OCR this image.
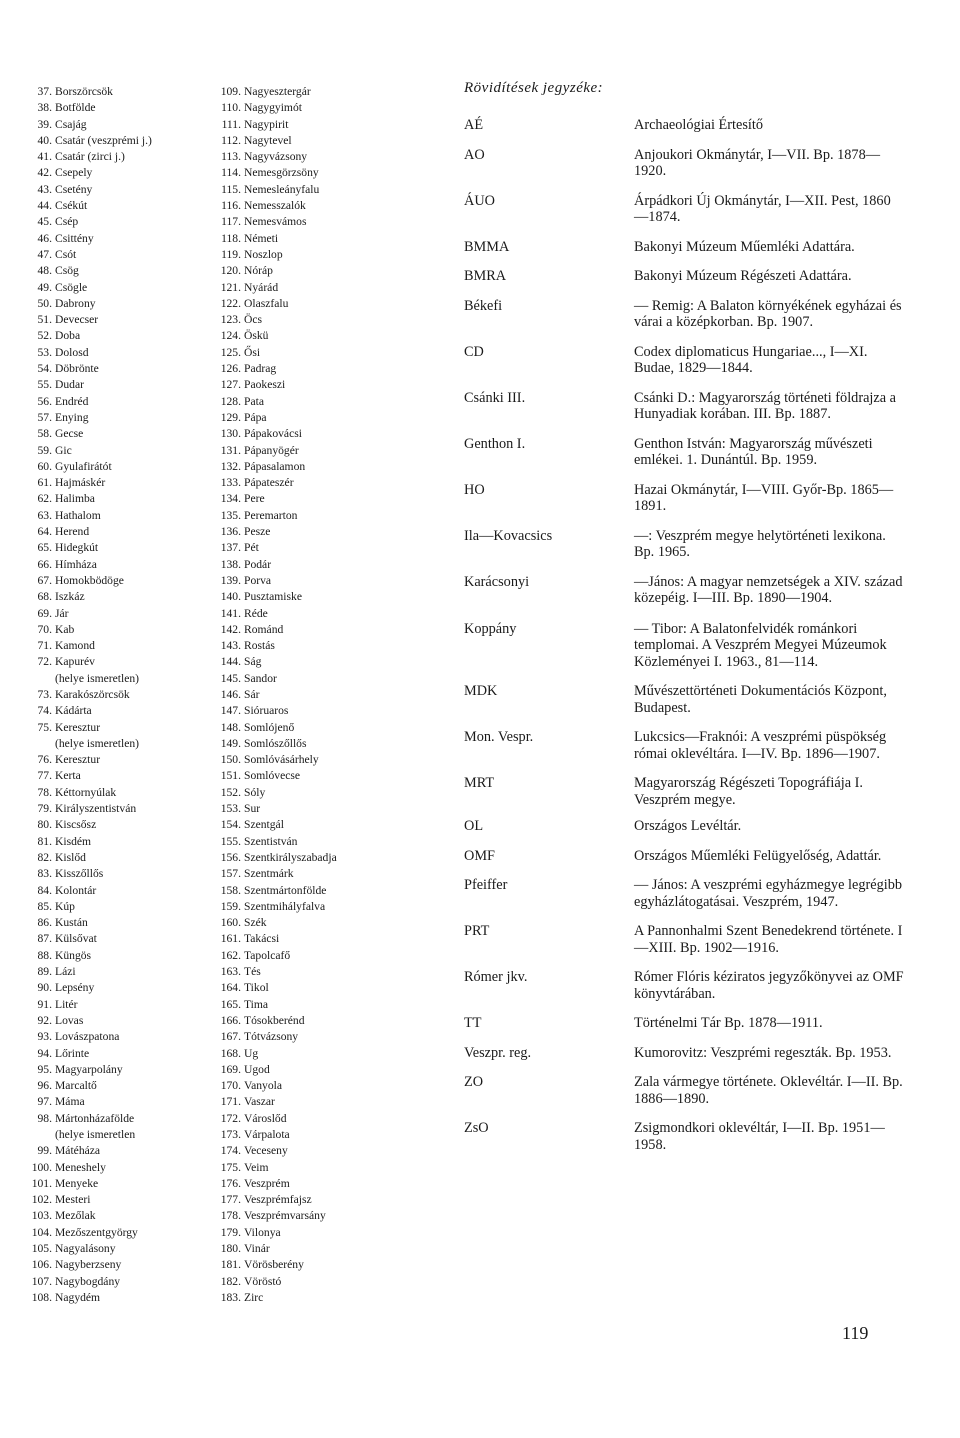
37. Borszörcsök
38. Botfölde
39. Csajág
40. Csatár (veszprémi j.)
41. Csatár (zirci j.)
42. Csepely
43. Csetény
44. Csékút
45. Csép
46. Csittény
47. Csót
48. Csög
49. Csögle
50. Dabrony
51. Devecser
52. Doba
53. Dolosd
54. Döbrönte
55. Dudar
56. Endréd
57. Enying
58. Gecse
59. Gic
60. Gyulafirátót
61. Hajmáskér
62. Halimba
63. Hathalom
64. Herend
65. Hidegkút
66. Hímháza
67. Homokbödöge
68. Iszkáz
69. Jár
70. Kab
71. Kamond
72. Kapurév
(helye ismeretlen)
73. Karakószörcsök
74. Kádárta
75. Keresztur
(helye ismeretlen)
76. Keresztur
77. Kerta
78. Kéttornyúlak
79. Királyszentistván
80. Kiscsősz
81. Kisdém
82. Kislőd
83. Kisszőllős
84. Kolontár
85. Kúp
86. Kustán
87. Külsővat
88. Küngös
89. Lázi
90. Lepsény
91. Litér
92. Lovas
93. Lovászpatona
94. Lőrinte
95. Magyarpolány
96. Marcaltő
97. Máma
98. Mártonházafölde
(helye ismeretlen
99. Mátéháza
100. Meneshely
101. Menyeke
102. Mesteri
103. Mezőlak
104. Mezőszentgyörgy
105. Nagyalásony
106. Nagyberzseny
107. Nagybogdány
108. Nagydém
109. Nagyesztergár
110. Nagygyimót
111. Nagypirit
112. Nagytevel
113. Nagyvázsony
114. Nemesgörzsöny
115. Nemesleányfalu
116. Nemesszalók
117. Nemesvámos
118. Németi
119. Noszlop
120. Nóráp
121. Nyárád
122. Olaszfalu
123. Öcs
124. Öskü
125. Ősi
126. Padrag
127. Paokeszi
128. Pata
129. Pápa
130. Pápakovácsi
131. Pápanyögér
132. Pápasalamon
133. Pápateszér
134. Pere
135. Peremarton
136. Pesze
137. Pét
138. Podár
139. Porva
140. Pusztamiske
141. Réde
142. Románd
143. Rostás
144. Ság
145. Sandor
146. Sár
147. Sióruaros
148. Somlójenő
149. Somlószőllős
150. Somlóvásárhely
151. Somlóvecse
152. Sóly
153. Sur
154. Szentgál
155. Szentistván
156. Szentkirályszabadja
157. Szentmárk
158. Szentmártonfölde
159. Szentmihályfalva
160. Szék
161. Takácsi
162. Tapolcafő
163. Tés
164. Tikol
165. Tima
166. Tósokberénd
167. Tótvázsony
168. Ug
169. Ugod
170. Vanyola
171. Vaszar
172. Városlőd
173. Várpalota
174. Veceseny
175. Veim
176. Veszprém
177. Veszprémfajsz
178. Veszprémvarsány
179. Vilonya
180. Vinár
181. Vörösberény
182. Vöröstó
183. Zirc
Rövidítések jegyzéke:
AÉ	Archaeológiai Értesítő
AO	Anjoukori Okmánytár, I—VII. Bp. 1878—1920.
ÁUO	Árpádkori Új Okmánytár, I—XII. Pest, 1860—1874.
BMMA	Bakonyi Múzeum Műemléki Adattára.
BMRA	Bakonyi Múzeum Régészeti Adattára.
Békefi	— Remig: A Balaton környékének egyházai és várai a középkorban. Bp. 1907.
CD	Codex diplomaticus Hungariae..., I—XI. Budae, 1829—1844.
Csánki III.	Csánki D.: Magyarország történeti földrajza a Hunyadiak korában. III. Bp. 1887.
Genthon I.	Genthon István: Magyarország művészeti emlékei. 1. Dunántúl. Bp. 1959.
HO	Hazai Okmánytár, I—VIII. Győr-Bp. 1865—1891.
Ila—Kovacsics	—: Veszprém megye helytörténeti lexikona. Bp. 1965.
Karácsonyi	—János: A magyar nemzetségek a XIV. század közepéig. I—III. Bp. 1890—1904.
Koppány	— Tibor: A Balatonfelvidék románkori templomai. A Veszprém Megyei Múzeumok Közleményei I. 1963., 81—114.
MDK	Művészettörténeti Dokumentációs Központ, Budapest.
Mon. Vespr.	Lukcsics—Fraknói: A veszprémi püspökség római oklevéltára. I—IV. Bp. 1896—1907.
MRT	Magyarország Régészeti Topográfiája I. Veszprém megye.
OL	Országos Levéltár.
OMF	Országos Műemléki Felügyelőség, Adattár.
Pfeiffer	— János: A veszprémi egyházmegye legrégibb egyházlátogatásai. Veszprém, 1947.
PRT	A Pannonhalmi Szent Benedekrend története. I—XIII. Bp. 1902—1916.
Rómer jkv.	Rómer Flóris kéziratos jegyzőkönyvei az OMF könyvtárában.
TT	Történelmi Tár Bp. 1878—1911.
Veszpr. reg.	Kumorovitz: Veszprémi regeszták. Bp. 1953.
ZO	Zala vármegye története. Oklevéltár. I—II. Bp. 1886—1890.
ZsO	Zsigmondkori oklevéltár, I—II. Bp. 1951—1958.
119
